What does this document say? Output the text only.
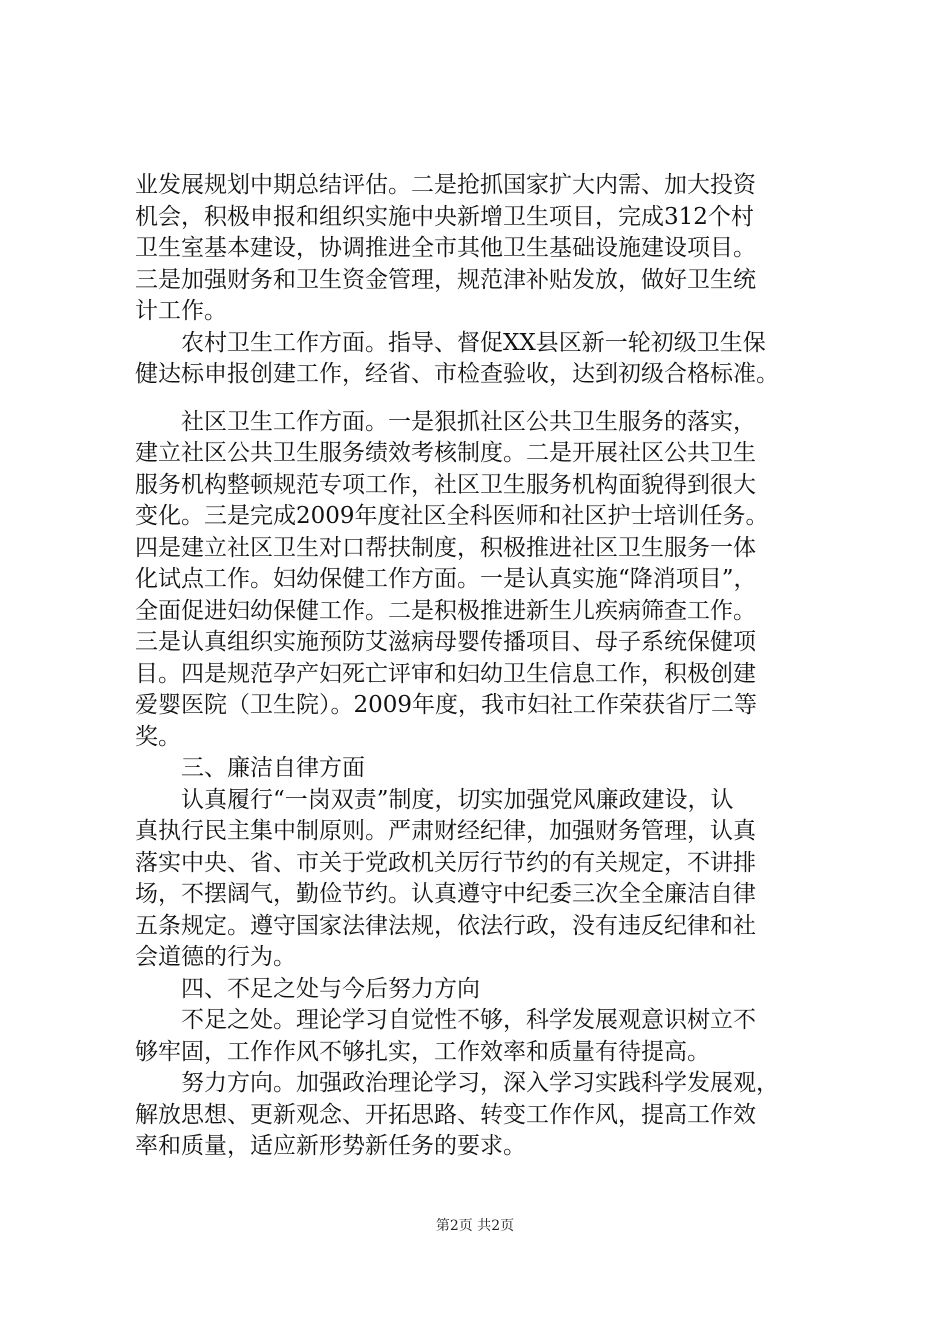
业发展规划中期总结评估。二是抢抓国家扩大内需、加大投资

机会，积极申报和组织实施中央新增卫生项目，完成312个村

卫生室基本建设，协调推进全市其他卫生基础设施建设项目。

三是加强财务和卫生资金管理，规范津补贴发放，做好卫生统

计工作。

　　农村卫生工作方面。指导、督促XX县区新一轮初级卫生保

健达标申报创建工作，经省、市检查验收，达到初级合格标准。

　　社区卫生工作方面。一是狠抓社区公共卫生服务的落实，

建立社区公共卫生服务绩效考核制度。二是开展社区公共卫生

服务机构整顿规范专项工作，社区卫生服务机构面貌得到很大

变化。三是完成2009年度社区全科医师和社区护士培训任务。

四是建立社区卫生对口帮扶制度，积极推进社区卫生服务一体

化试点工作。妇幼保健工作方面。一是认真实施“降消项目”，

全面促进妇幼保健工作。二是积极推进新生儿疾病筛查工作。

三是认真组织实施预防艾滋病母婴传播项目、母子系统保健项

目。四是规范孕产妇死亡评审和妇幼卫生信息工作，积极创建

爱婴医院（卫生院）。2009年度，我市妇社工作荣获省厅二等

奖。

　　三、廉洁自律方面

　　认真履行“一岗双责”制度，切实加强党风廉政建设，认

真执行民主集中制原则。严肃财经纪律，加强财务管理，认真

落实中央、省、市关于党政机关厉行节约的有关规定，不讲排

场，不摆阔气，勤俭节约。认真遵守中纪委三次全全廉洁自律

五条规定。遵守国家法律法规，依法行政，没有违反纪律和社

会道德的行为。

　　四、不足之处与今后努力方向

　　不足之处。理论学习自觉性不够，科学发展观意识树立不

够牢固，工作作风不够扎实，工作效率和质量有待提高。

　　努力方向。加强政治理论学习，深入学习实践科学发展观，

解放思想、更新观念、开拓思路、转变工作作风，提高工作效

率和质量，适应新形势新任务的要求。

第2页 共2页
